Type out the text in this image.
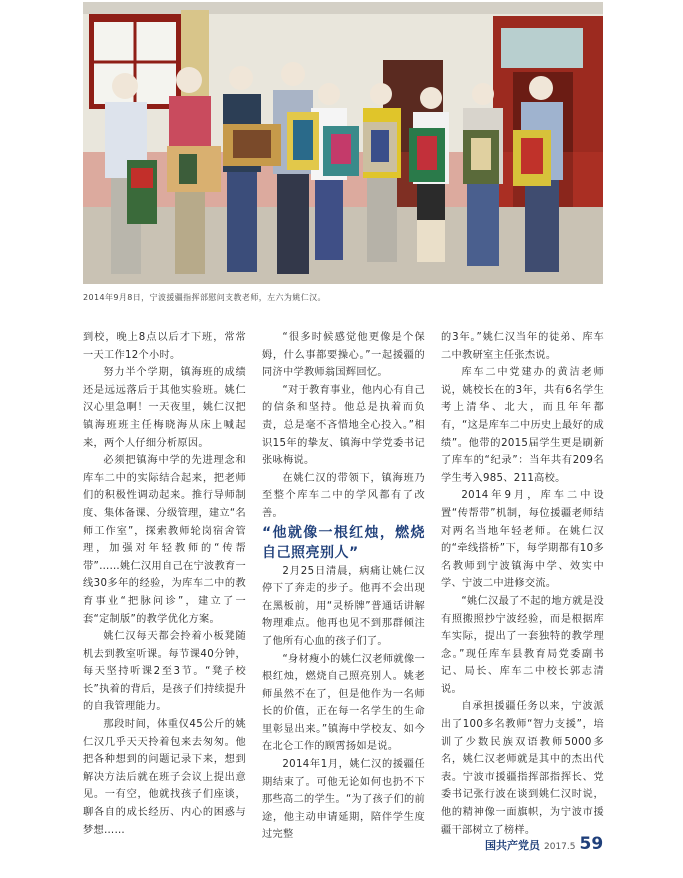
2014年9月8日，宁波援疆指挥部慰问支教老师，左六为姚仁汉。

到校，晚上8点以后才下班，常常一天工作12个小时。

努力半个学期，镇海班的成绩还是远远落后于其他实验班。姚仁汉心里急啊！一天夜里，姚仁汉把镇海班班主任梅晓海从床上喊起来，两个人仔细分析原因。

必须把镇海中学的先进理念和库车二中的实际结合起来，把老师们的积极性调动起来。推行导师制度、集体备课、分级管理，建立“名师工作室”，探索教师轮岗宿舍管理，加强对年轻教师的“传帮带”……姚仁汉用自己在宁波教育一线30多年的经验，为库车二中的教育事业“把脉问诊”，建立了一套“定制版”的教学优化方案。

姚仁汉每天都会拎着小板凳随机去到教室听课。每节课40分钟，每天坚持听课2至3节。“凳子校长”执着的背后，是孩子们持续提升的自我管理能力。

那段时间，体重仅45公斤的姚仁汉几乎天天拎着包来去匆匆。他把各种想到的问题记录下来，想到解决方法后就在班子会议上提出意见。一有空，他就找孩子们座谈，聊各自的成长经历、内心的困惑与梦想……

“很多时候感觉他更像是个保姆，什么事都要操心。”一起援疆的同济中学教师翁国辉回忆。

“对于教育事业，他内心有自己的信条和坚持。他总是执着而负责，总是毫不吝惜地全心投入。”相识15年的挚友、镇海中学党委书记张咏梅说。

在姚仁汉的带领下，镇海班乃至整个库车二中的学风都有了改善。

“他就像一根红烛，燃烧自己照亮别人”

2月25日清晨，病痛让姚仁汉停下了奔走的步子。他再不会出现在黑板前，用“灵桥牌”普通话讲解物理难点。他再也见不到那群倾注了他所有心血的孩子们了。

“身材瘦小的姚仁汉老师就像一根红烛，燃烧自己照亮别人。姚老师虽然不在了，但是他作为一名师长的价值，正在每一名学生的生命里彰显出来。”镇海中学校友、如今在北仑工作的顾霄扬如是说。

2014年1月，姚仁汉的援疆任期结束了。可他无论如何也扔不下那些高二的学生。“为了孩子们的前途，他主动申请延期，陪伴学生度过完整

的3年。”姚仁汉当年的徒弟、库车二中教研室主任张杰说。

库车二中党建办的黄洁老师说，姚校长在的3年，共有6名学生考上清华、北大，而且年年都有，“这是库车二中历史上最好的成绩”。他带的2015届学生更是刷新了库车的“纪录”：当年共有209名学生考入985、211高校。

2014年9月，库车二中设置“传帮带”机制，每位援疆老师结对两名当地年轻老师。在姚仁汉的“牵线搭桥”下，每学期都有10多名教师到宁波镇海中学、效实中学、宁波二中进修交流。

“姚仁汉最了不起的地方就是没有照搬照抄宁波经验，而是根据库车实际，提出了一套独特的教学理念。”现任库车县教育局党委副书记、局长、库车二中校长郭志清说。

自承担援疆任务以来，宁波派出了100多名教师“智力支援”，培训了少数民族双语教师5000多名，姚仁汉老师就是其中的杰出代表。宁波市援疆指挥部指挥长、党委书记张行波在谈到姚仁汉时说，他的精神像一面旗帜，为宁波市援疆干部树立了榜样。

国共产党员 2017.5 59
